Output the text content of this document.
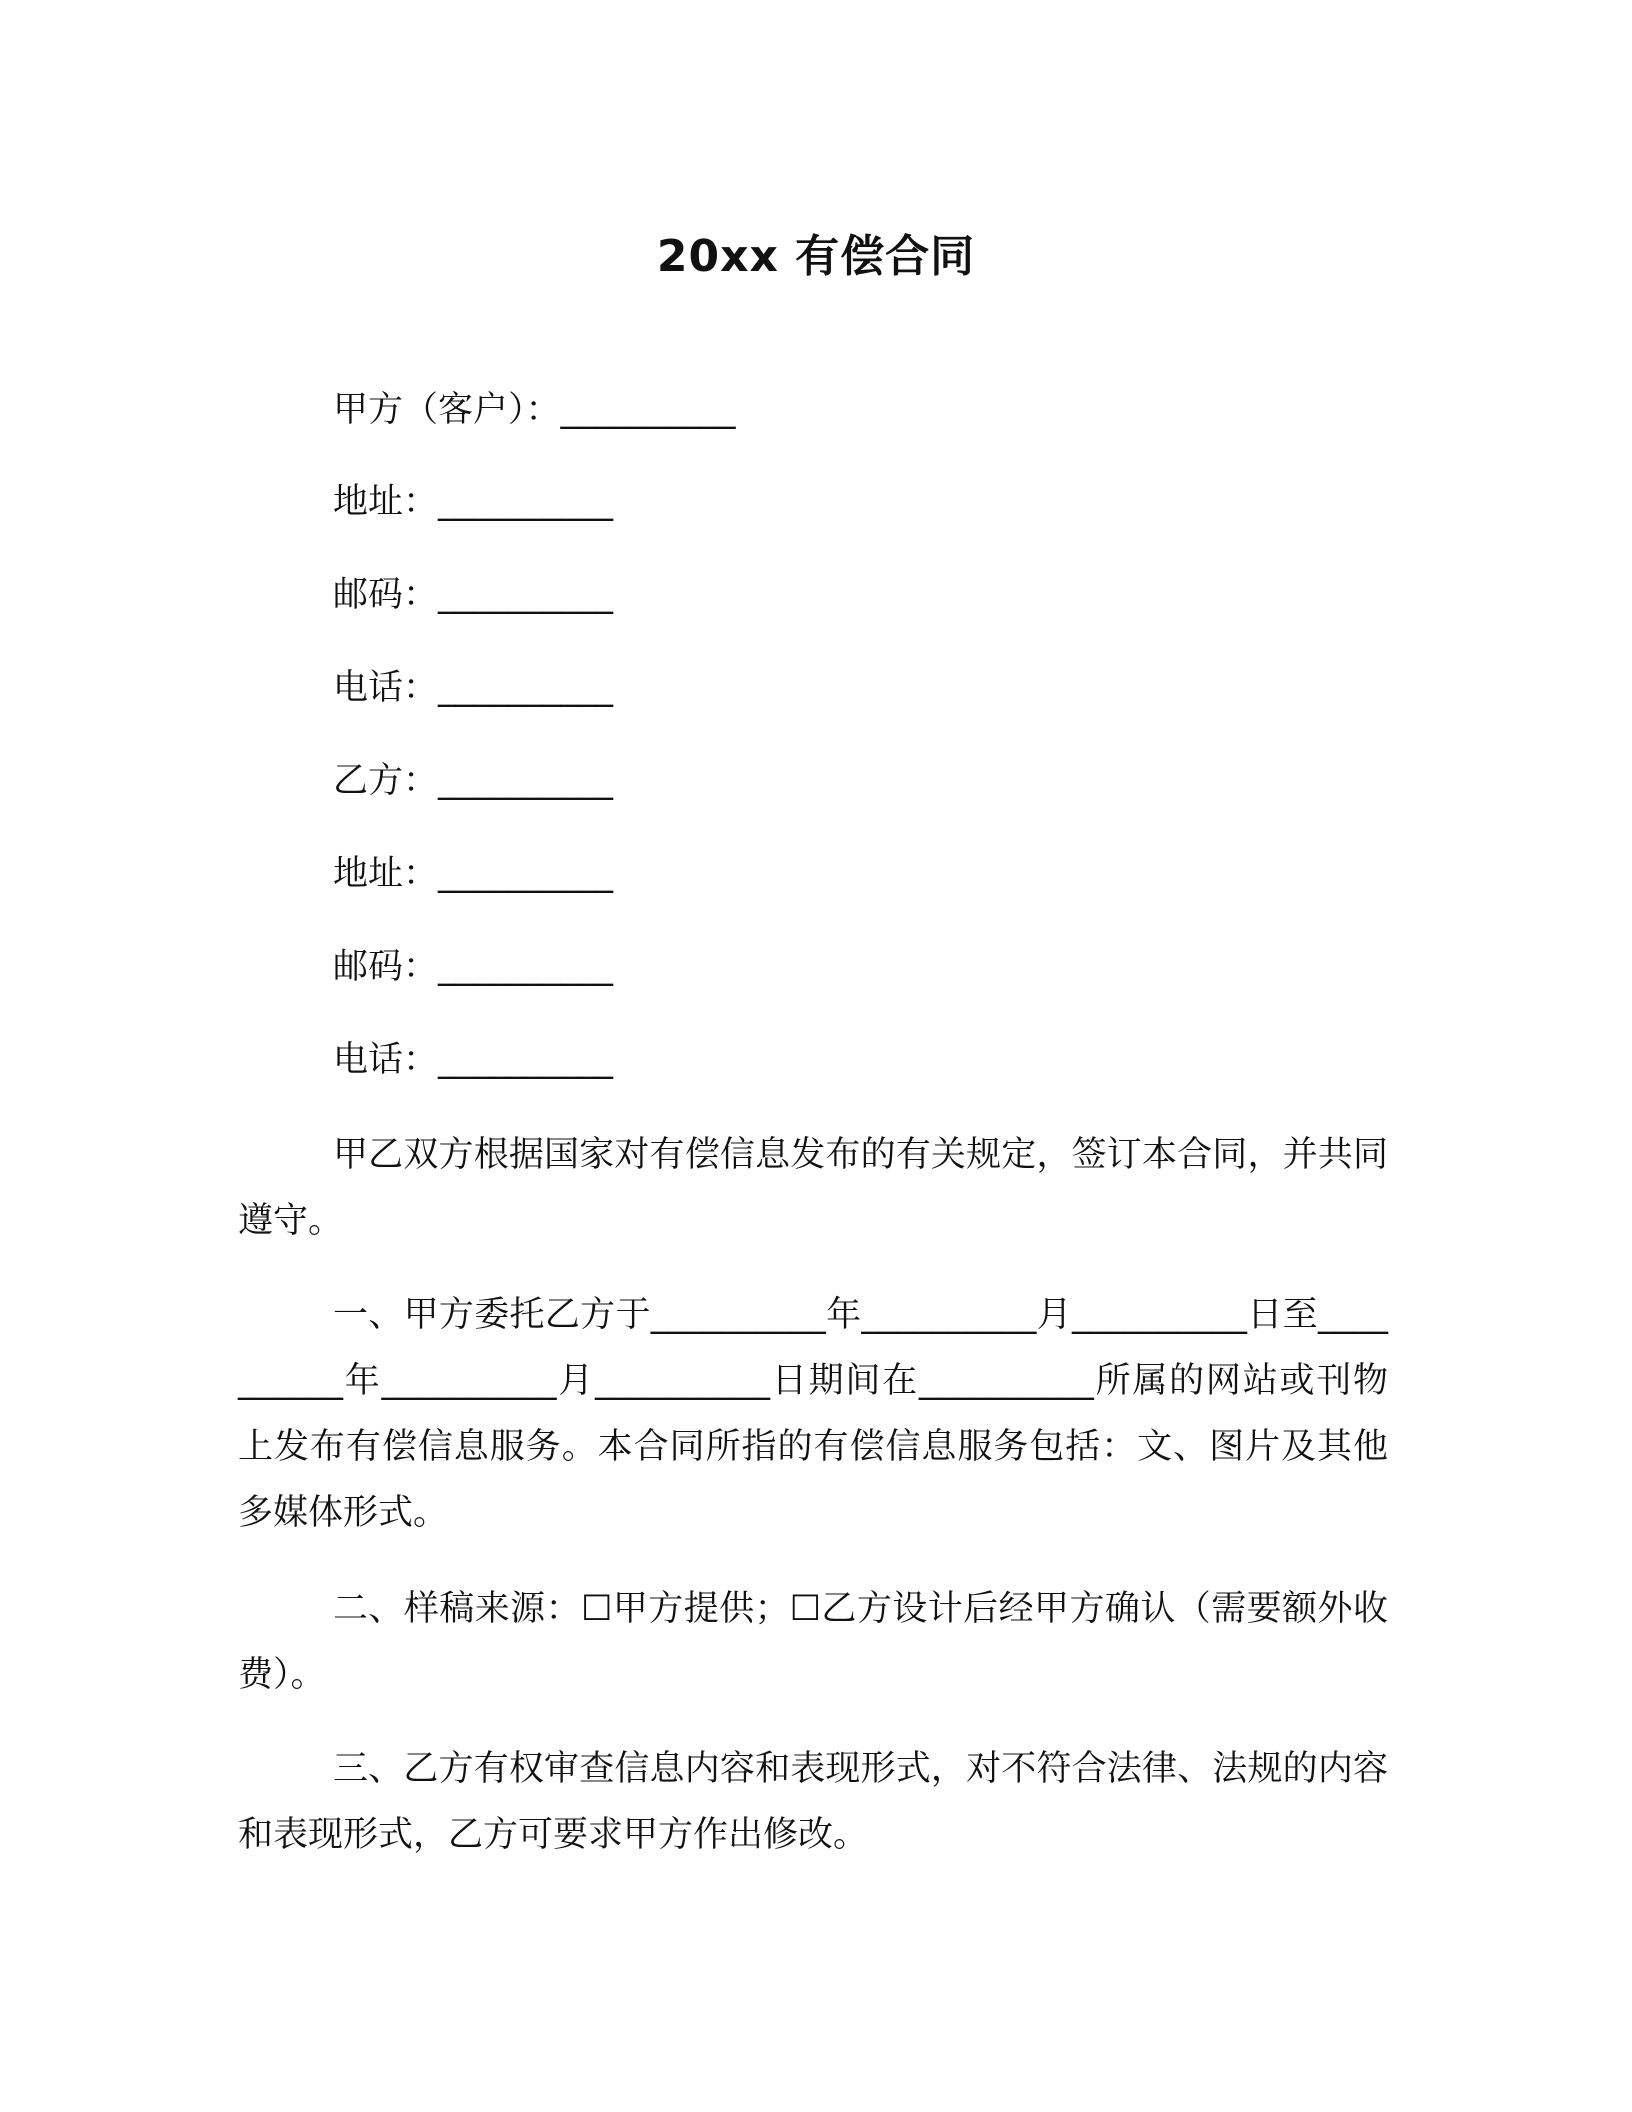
20xx 有偿合同
甲方（客户）：__________
地址：__________
邮码：__________
电话：__________
乙方：__________
地址：__________
邮码：__________
电话：__________
甲乙双方根据国家对有偿信息发布的有关规定，签订本合同，并共同遵守。
一、甲方委托乙方于__________年__________月__________日至__________年__________月__________日期间在__________所属的网站或刊物上发布有偿信息服务。本合同所指的有偿信息服务包括：文、图片及其他多媒体形式。
二、样稿来源：☐甲方提供；☐乙方设计后经甲方确认（需要额外收费）。
三、乙方有权审查信息内容和表现形式，对不符合法律、法规的内容和表现形式，乙方可要求甲方作出修改。
